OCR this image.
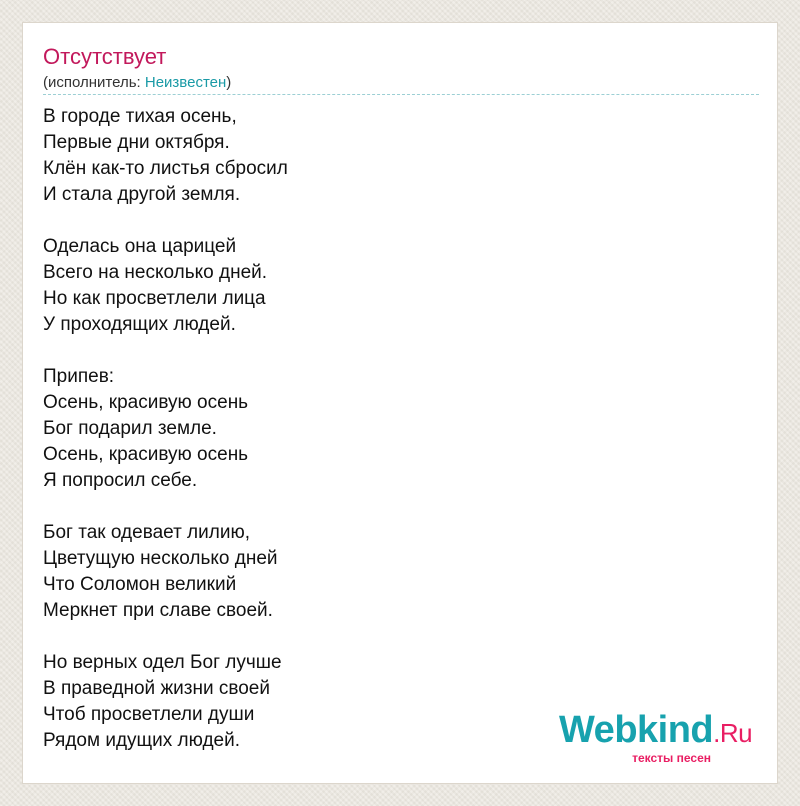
Отсутствует
(исполнитель: Неизвестен)
В городе тихая осень,
Первые дни октября.
Клён как-то листья сбросил
И стала другой земля.

Оделась она царицей
Всего на несколько дней.
Но как просветлели лица
У проходящих людей.

Припев:
Осень, красивую осень
Бог подарил земле.
Осень, красивую осень
Я попросил себе.

Бог так одевает лилию,
Цветущую несколько дней
Что Соломон великий
Меркнет при славе своей.

Но верных одел Бог лучше
В праведной жизни своей
Чтоб просветлели души
Рядом идущих людей.	Webkind.Ru
тексты песен
